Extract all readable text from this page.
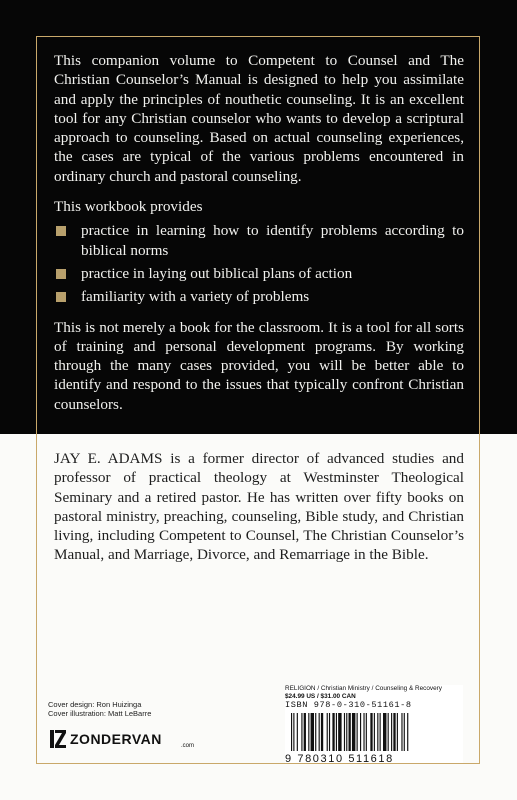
This companion volume to Competent to Counsel and The Christian Counselor’s Manual is designed to help you assimilate and apply the principles of nouthetic counseling. It is an excellent tool for any Christian counselor who wants to develop a scriptural approach to counseling. Based on actual counseling experiences, the cases are typical of the various problems encountered in ordinary church and pastoral counseling.

This workbook provides

practice in learning how to identify problems according to biblical norms
practice in laying out biblical plans of action
familiarity with a variety of problems

This is not merely a book for the classroom. It is a tool for all sorts of training and personal development programs. By working through the many cases provided, you will be better able to identify and respond to the issues that typically confront Christian counselors.

JAY E. ADAMS is a former director of advanced studies and professor of practical theology at Westminster Theological Seminary and a retired pastor. He has written over fifty books on pastoral ministry, preaching, counseling, Bible study, and Christian living, including Competent to Counsel, The Christian Counselor’s Manual, and Marriage, Divorce, and Remarriage in the Bible.

Cover design: Ron Huizinga
Cover illustration: Matt LeBarre
ZONDERVAN	.com
RELIGION / Christian Ministry / Counseling & Recovery
$24.99 US / $31.00 CAN
ISBN 978-0-310-51161-8
9 780310 511618
